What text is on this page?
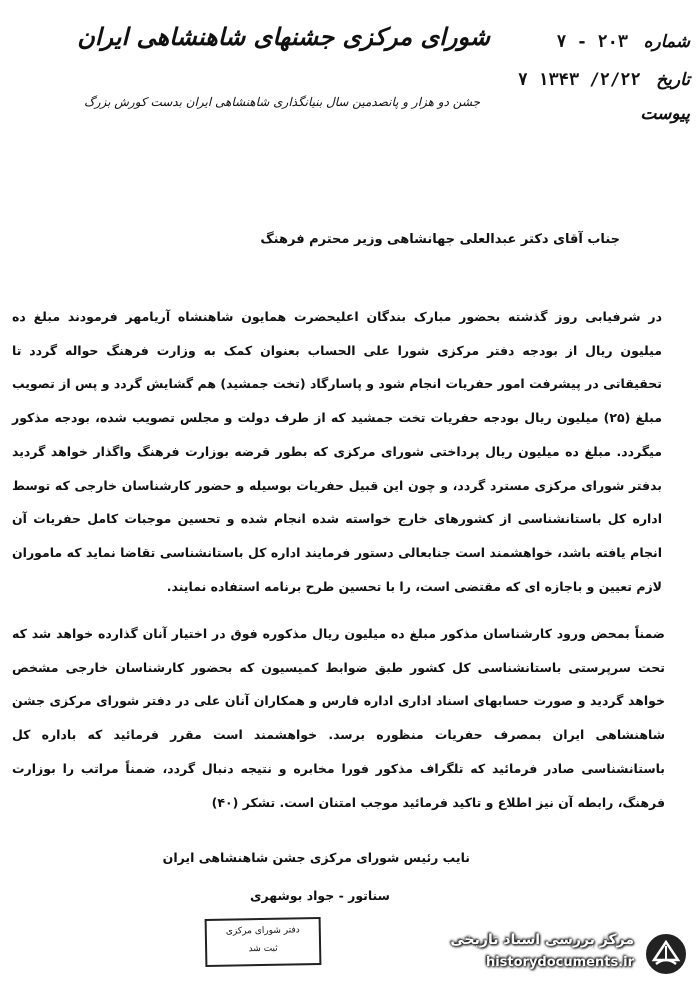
شورای مرکزی جشنهای شاهنشاهی ایران
جشن دو هزار و پانصدمین سال بنیانگذاری شاهنشاهی ایران بدست کورش بزرگ
شماره ۲۰۳ - ۷
تاریخ ۲/۲۲/ ۱۳۴۳ ۷
پیوست
جناب آقای دکتر عبدالعلی جهانشاهی وزیر محترم فرهنگ
در شرفیابی روز گذشته بحضور مبارک بندگان اعلیحضرت همایون شاهنشاه آریامهر فرمودند مبلغ ده میلیون ریال از بودجه دفتر مرکزی شورا علی الحساب بعنوان کمک به وزارت فرهنگ حواله گردد تا تحقیقاتی در پیشرفت امور حفریات انجام شود و پاسارگاد (تخت جمشید) هم گشایش گردد و پس از تصویب مبلغ (۲۵) میلیون ریال بودجه حفریات تخت جمشید که از طرف دولت و مجلس تصویب شده، بودجه مذکور میگردد. مبلغ ده میلیون ریال پرداختی شورای مرکزی که بطور قرضه بوزارت فرهنگ واگذار خواهد گردید بدفتر شورای مرکزی مسترد گردد، و چون این قبیل حفریات بوسیله و حضور کارشناسان خارجی که توسط اداره کل باستانشناسی از کشورهای خارج خواسته شده انجام شده و تحسین موجبات کامل حفریات آن انجام یافته باشد، خواهشمند است جنابعالی دستور فرمایند اداره کل باستانشناسی تقاضا نماید که ماموران لازم تعیین و باجازه ای که مقتضی است، را با تحسین طرح برنامه استفاده نمایند.
ضمناً بمحض ورود کارشناسان مذکور مبلغ ده میلیون ریال مذکوره فوق در اختیار آنان گذارده خواهد شد که تحت سرپرستی باستانشناسی کل کشور طبق ضوابط کمیسیون که بحضور کارشناسان خارجی مشخص خواهد گردید و صورت حسابهای اسناد اداری اداره فارس و همکاران آنان علی در دفتر شورای مرکزی جشن شاهنشاهی ایران بمصرف حفریات منظوره برسد. خواهشمند است مقرر فرمائید که باداره کل باستانشناسی صادر فرمائید که تلگراف مذکور فورا مخابره و نتیجه دنبال گردد، ضمناً مراتب را بوزارت فرهنگ، رابطه آن نیز اطلاع و تاکید فرمائید موجب امتنان است. تشکر (۴۰)
نایب رئیس شورای مرکزی جشن شاهنشاهی ایران
سناتور - جواد بوشهری
دفتر شورای مرکزی
ثبت شد
مرکز بررسی اسناد تاریخی
historydocuments.ir
